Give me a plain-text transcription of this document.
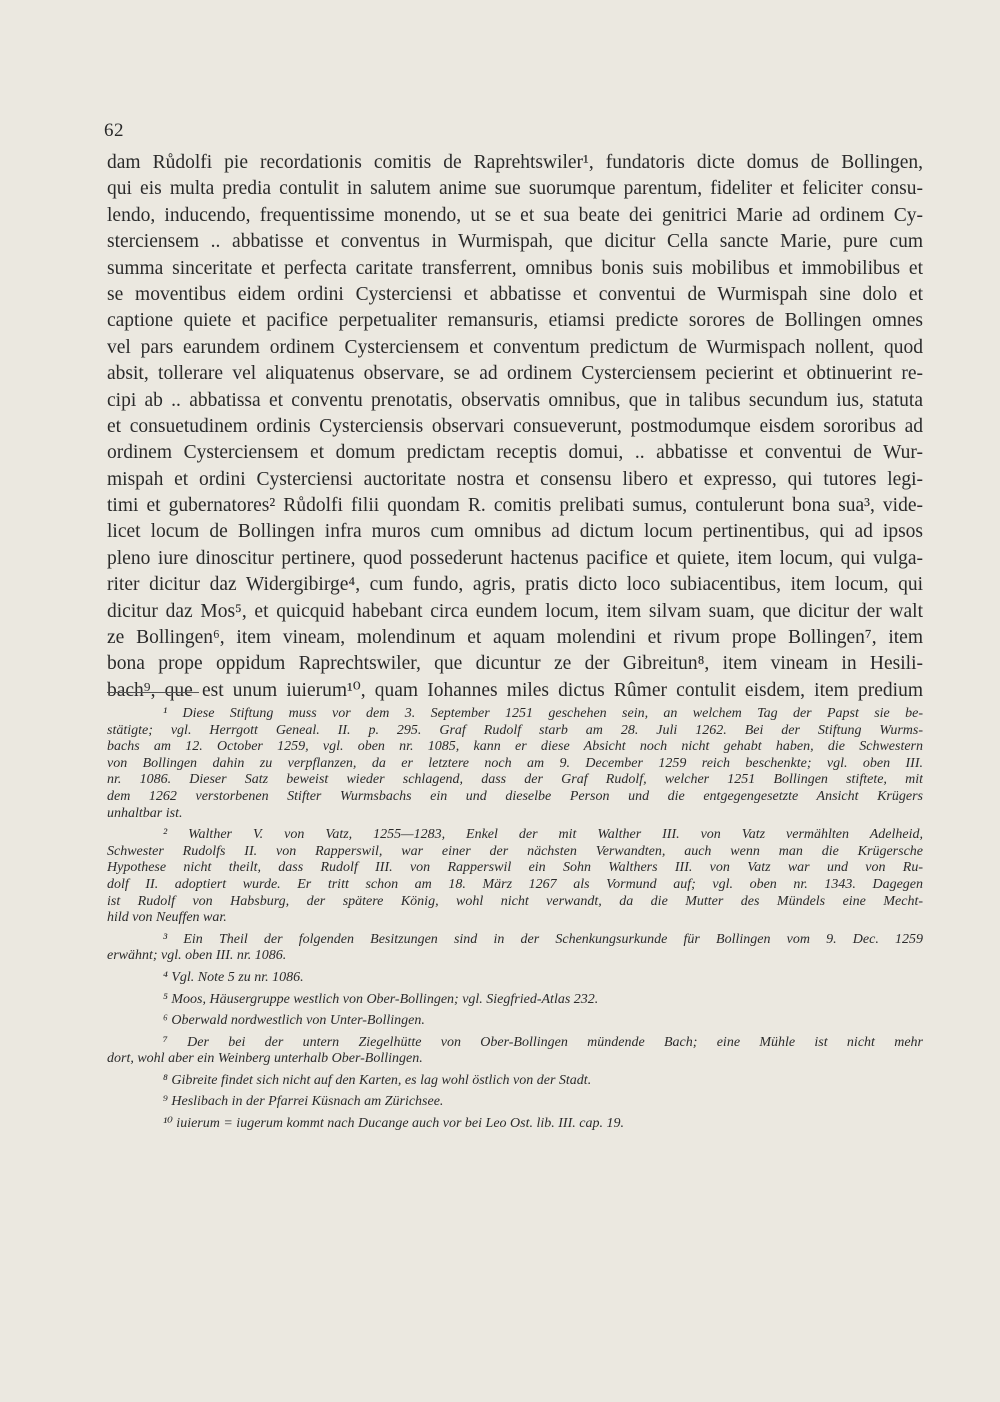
62
dam Růdolfi pie recordationis comitis de Raprehtswiler¹, fundatoris dicte domus de Bollingen,
qui eis multa predia contulit in salutem anime sue suorumque parentum, fideliter et feliciter consu-
lendo, inducendo, frequentissime monendo, ut se et sua beate dei genitrici Marie ad ordinem Cy-
sterciensem .. abbatisse et conventus in Wurmispah, que dicitur Cella sancte Marie, pure cum
summa sinceritate et perfecta caritate transferrent, omnibus bonis suis mobilibus et immobilibus et
se moventibus eidem ordini Cysterciensi et abbatisse et conventui de Wurmispah sine dolo et
captione quiete et pacifice perpetualiter remansuris, etiamsi predicte sorores de Bollingen omnes
vel pars earundem ordinem Cysterciensem et conventum predictum de Wurmispach nollent, quod
absit, tollerare vel aliquatenus observare, se ad ordinem Cysterciensem pecierint et obtinuerint re-
cipi ab .. abbatissa et conventu prenotatis, observatis omnibus, que in talibus secundum ius, statuta
et consuetudinem ordinis Cysterciensis observari consueverunt, postmodumque eisdem sororibus ad
ordinem Cysterciensem et domum predictam receptis domui, .. abbatisse et conventui de Wur-
mispah et ordini Cysterciensi auctoritate nostra et consensu libero et expresso, qui tutores legi-
timi et gubernatores² Růdolfi filii quondam R. comitis prelibati sumus, contulerunt bona sua³, vide-
licet locum de Bollingen infra muros cum omnibus ad dictum locum pertinentibus, qui ad ipsos
pleno iure dinoscitur pertinere, quod possederunt hactenus pacifice et quiete, item locum, qui vulga-
riter dicitur daz Widergibirge⁴, cum fundo, agris, pratis dicto loco subiacentibus, item locum, qui
dicitur daz Mos⁵, et quicquid habebant circa eundem locum, item silvam suam, que dicitur der walt
ze Bollingen⁶, item vineam, molendinum et aquam molendini et rivum prope Bollingen⁷, item
bona prope oppidum Raprechtswiler, que dicuntur ze der Gibreitun⁸, item vineam in Hesili-
bach⁹, que est unum iuierum¹⁰, quam Iohannes miles dictus Rûmer contulit eisdem, item predium
¹ Diese Stiftung muss vor dem 3. September 1251 geschehen sein, an welchem Tag der Papst sie be-
stätigte; vgl. Herrgott Geneal. II. p. 295. Graf Rudolf starb am 28. Juli 1262. Bei der Stiftung Wurms-
bachs am 12. October 1259, vgl. oben nr. 1085, kann er diese Absicht noch nicht gehabt haben, die Schwestern
von Bollingen dahin zu verpflanzen, da er letztere noch am 9. December 1259 reich beschenkte; vgl. oben III.
nr. 1086. Dieser Satz beweist wieder schlagend, dass der Graf Rudolf, welcher 1251 Bollingen stiftete, mit
dem 1262 verstorbenen Stifter Wurmsbachs ein und dieselbe Person und die entgegengesetzte Ansicht Krügers
unhaltbar ist.
² Walther V. von Vatz, 1255—1283, Enkel der mit Walther III. von Vatz vermählten Adelheid,
Schwester Rudolfs II. von Rapperswil, war einer der nächsten Verwandten, auch wenn man die Krügersche
Hypothese nicht theilt, dass Rudolf III. von Rapperswil ein Sohn Walthers III. von Vatz war und von Ru-
dolf II. adoptiert wurde. Er tritt schon am 18. März 1267 als Vormund auf; vgl. oben nr. 1343. Dagegen
ist Rudolf von Habsburg, der spätere König, wohl nicht verwandt, da die Mutter des Mündels eine Mecht-
hild von Neuffen war.
³ Ein Theil der folgenden Besitzungen sind in der Schenkungsurkunde für Bollingen vom 9. Dec. 1259
erwähnt; vgl. oben III. nr. 1086.
⁴ Vgl. Note 5 zu nr. 1086.
⁵ Moos, Häusergruppe westlich von Ober-Bollingen; vgl. Siegfried-Atlas 232.
⁶ Oberwald nordwestlich von Unter-Bollingen.
⁷ Der bei der untern Ziegelhütte von Ober-Bollingen mündende Bach; eine Mühle ist nicht mehr
dort, wohl aber ein Weinberg unterhalb Ober-Bollingen.
⁸ Gibreite findet sich nicht auf den Karten, es lag wohl östlich von der Stadt.
⁹ Heslibach in der Pfarrei Küsnach am Zürichsee.
¹⁰ iuierum = iugerum kommt nach Ducange auch vor bei Leo Ost. lib. III. cap. 19.
